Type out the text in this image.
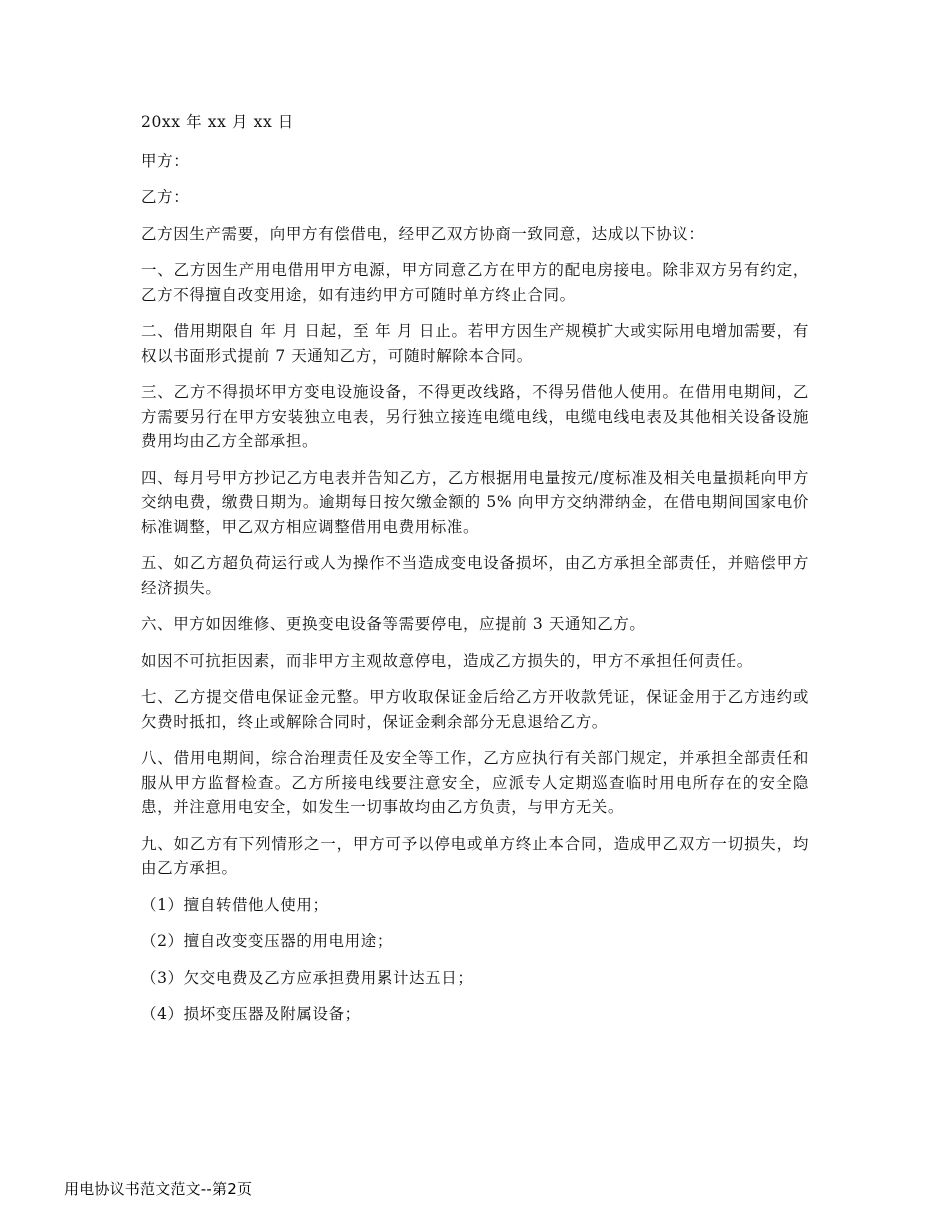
20xx 年 xx 月 xx 日

甲方：

乙方：

乙方因生产需要，向甲方有偿借电，经甲乙双方协商一致同意，达成以下协议：

一、乙方因生产用电借用甲方电源，甲方同意乙方在甲方的配电房接电。除非双方另有约定，乙方不得擅自改变用途，如有违约甲方可随时单方终止合同。

二、借用期限自 年 月 日起，至 年 月 日止。若甲方因生产规模扩大或实际用电增加需要，有权以书面形式提前 7 天通知乙方，可随时解除本合同。

三、乙方不得损坏甲方变电设施设备，不得更改线路，不得另借他人使用。在借用电期间，乙方需要另行在甲方安装独立电表，另行独立接连电缆电线，电缆电线电表及其他相关设备设施费用均由乙方全部承担。

四、每月号甲方抄记乙方电表并告知乙方，乙方根据用电量按元/度标准及相关电量损耗向甲方交纳电费，缴费日期为。逾期每日按欠缴金额的 5% 向甲方交纳滞纳金，在借电期间国家电价标准调整，甲乙双方相应调整借用电费用标准。

五、如乙方超负荷运行或人为操作不当造成变电设备损坏，由乙方承担全部责任，并赔偿甲方经济损失。

六、甲方如因维修、更换变电设备等需要停电，应提前 3 天通知乙方。

如因不可抗拒因素，而非甲方主观故意停电，造成乙方损失的，甲方不承担任何责任。

七、乙方提交借电保证金元整。甲方收取保证金后给乙方开收款凭证，保证金用于乙方违约或欠费时抵扣，终止或解除合同时，保证金剩余部分无息退给乙方。

八、借用电期间，综合治理责任及安全等工作，乙方应执行有关部门规定，并承担全部责任和服从甲方监督检查。乙方所接电线要注意安全，应派专人定期巡查临时用电所存在的安全隐患，并注意用电安全，如发生一切事故均由乙方负责，与甲方无关。

九、如乙方有下列情形之一，甲方可予以停电或单方终止本合同，造成甲乙双方一切损失，均由乙方承担。

（1）擅自转借他人使用；

（2）擅自改变变压器的用电用途；

（3）欠交电费及乙方应承担费用累计达五日；

（4）损坏变压器及附属设备；

用电协议书范文范文--第2页
